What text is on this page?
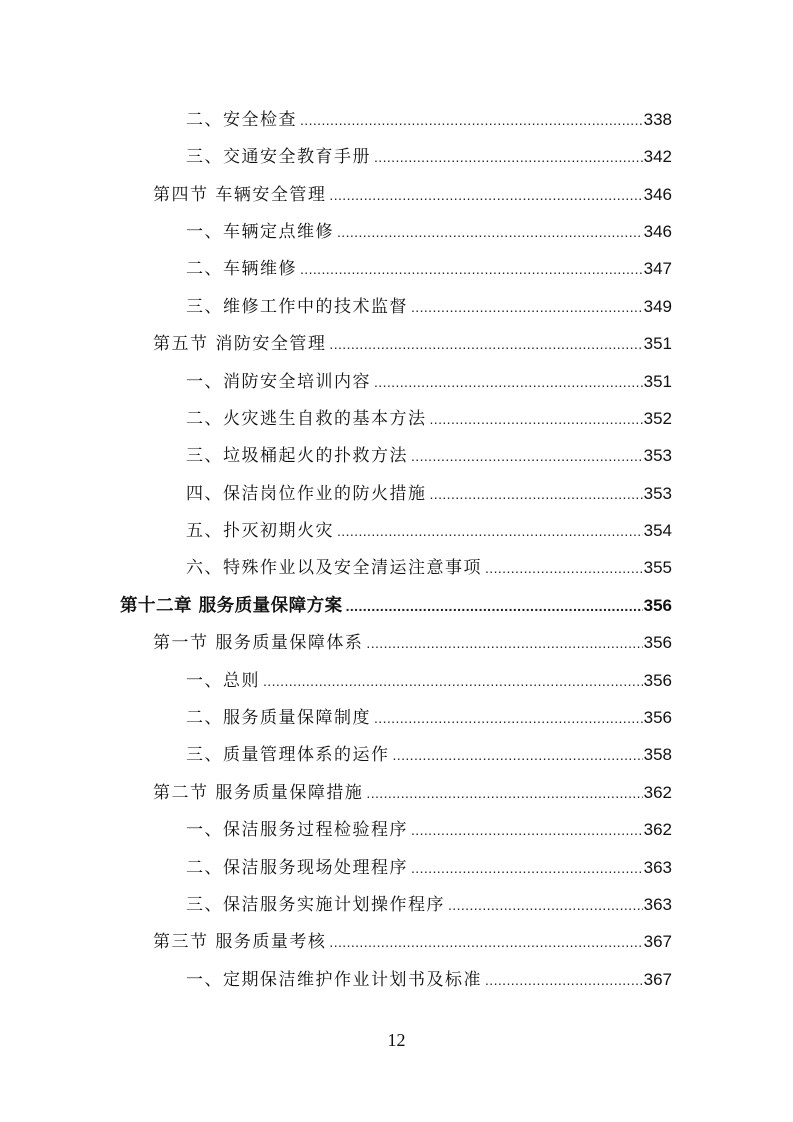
二、安全检查 .....	338
三、交通安全教育手册 .....	342
第四节 车辆安全管理 .....	346
一、车辆定点维修 .....	346
二、车辆维修 .....	347
三、维修工作中的技术监督 .....	349
第五节 消防安全管理 .....	351
一、消防安全培训内容 .....	351
二、火灾逃生自救的基本方法 .....	352
三、垃圾桶起火的扑救方法 .....	353
四、保洁岗位作业的防火措施 .....	353
五、扑灭初期火灾 .....	354
六、特殊作业以及安全清运注意事项 .....	355
第十二章 服务质量保障方案 .....	356
第一节 服务质量保障体系 .....	356
一、总则 .....	356
二、服务质量保障制度 .....	356
三、质量管理体系的运作 .....	358
第二节 服务质量保障措施 .....	362
一、保洁服务过程检验程序 .....	362
二、保洁服务现场处理程序 .....	363
三、保洁服务实施计划操作程序 .....	363
第三节 服务质量考核 .....	367
一、定期保洁维护作业计划书及标准 .....	367
12
